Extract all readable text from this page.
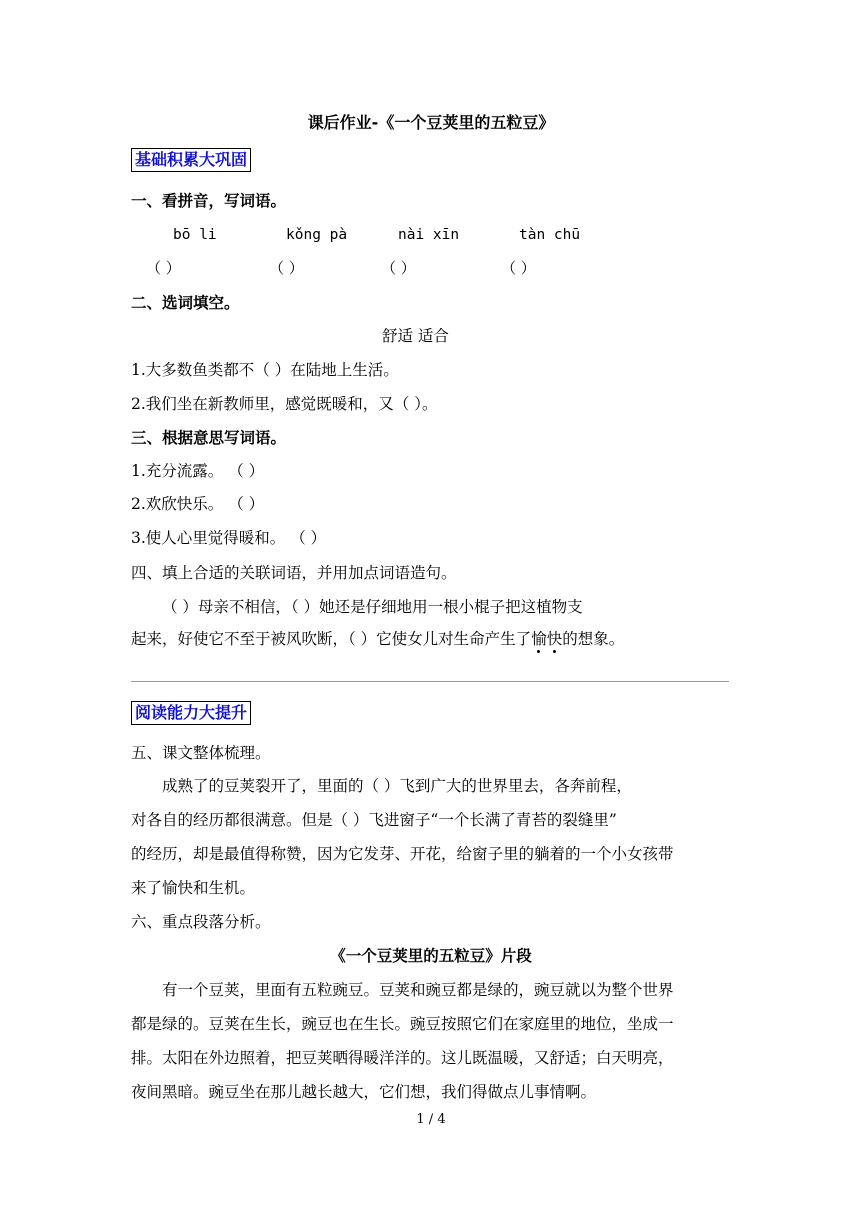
课后作业-《一个豆荚里的五粒豆》
基础积累大巩固
一、看拼音，写词语。
bō li	kǒng pà	nài xīn	tàn chū
（ ）	（ ）	（ ）	（ ）
二、选词填空。
舒适 适合
1.大多数鱼类都不（ ）在陆地上生活。
2.我们坐在新教师里，感觉既暖和，又（ ）。
三、根据意思写词语。
1.充分流露。 （ ）
2.欢欣快乐。 （ ）
3.使人心里觉得暖和。 （ ）
四、填上合适的关联词语，并用加点词语造句。
（ ）母亲不相信，（ ）她还是仔细地用一根小棍子把这植物支
起来，好使它不至于被风吹断，（ ）它使女儿对生命产生了愉快的想象。
阅读能力大提升
五、课文整体梳理。
成熟了的豆荚裂开了，里面的（ ）飞到广大的世界里去，各奔前程，
对各自的经历都很满意。但是（ ）飞进窗子“一个长满了青苔的裂缝里”
的经历，却是最值得称赞，因为它发芽、开花，给窗子里的躺着的一个小女孩带
来了愉快和生机。
六、重点段落分析。
《一个豆荚里的五粒豆》片段
有一个豆荚，里面有五粒豌豆。豆荚和豌豆都是绿的，豌豆就以为整个世界
都是绿的。豆荚在生长，豌豆也在生长。豌豆按照它们在家庭里的地位，坐成一
排。太阳在外边照着，把豆荚晒得暖洋洋的。这儿既温暖，又舒适；白天明亮，
夜间黑暗。豌豆坐在那儿越长越大，它们想，我们得做点儿事情啊。
1 / 4
